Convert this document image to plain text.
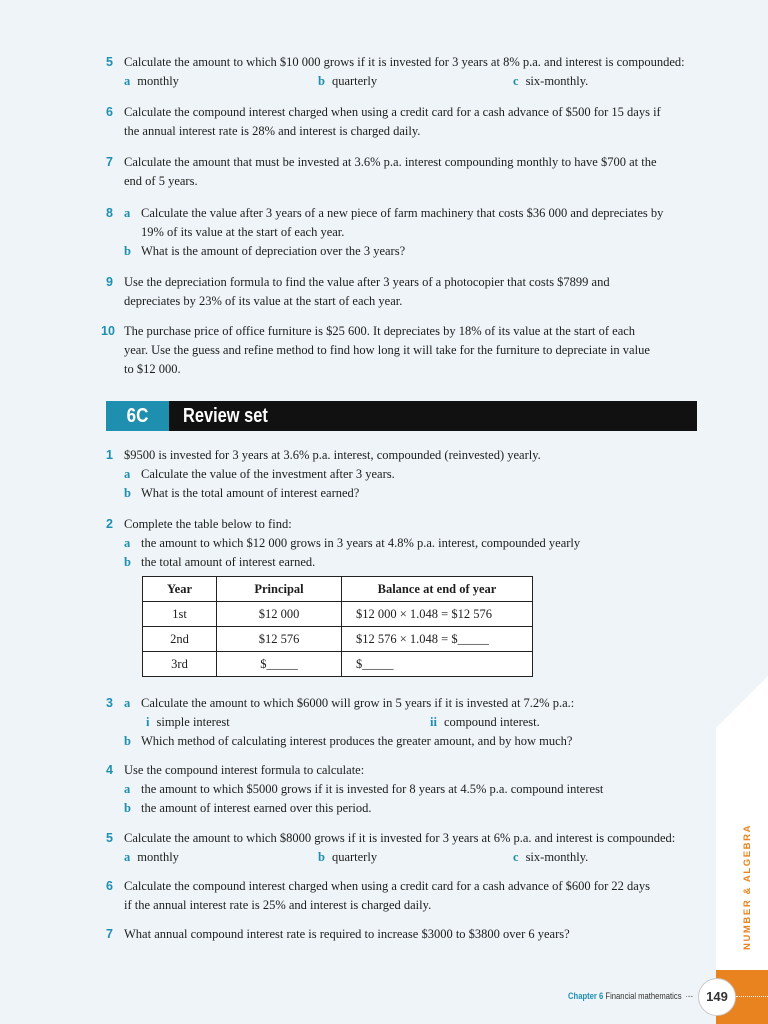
5 Calculate the amount to which $10 000 grows if it is invested for 3 years at 8% p.a. and interest is compounded:
a monthly	b quarterly	c six-monthly.
6 Calculate the compound interest charged when using a credit card for a cash advance of $500 for 15 days if
the annual interest rate is 28% and interest is charged daily.
7 Calculate the amount that must be invested at 3.6% p.a. interest compounding monthly to have $700 at the
end of 5 years.
8 a Calculate the value after 3 years of a new piece of farm machinery that costs $36 000 and depreciates by
19% of its value at the start of each year.
b What is the amount of depreciation over the 3 years?
9 Use the depreciation formula to find the value after 3 years of a photocopier that costs $7899 and
depreciates by 23% of its value at the start of each year.
10 The purchase price of office furniture is $25 600. It depreciates by 18% of its value at the start of each
year. Use the guess and refine method to find how long it will take for the furniture to depreciate in value
to $12 000.
6C	Review set
1 $9500 is invested for 3 years at 3.6% p.a. interest, compounded (reinvested) yearly.
a Calculate the value of the investment after 3 years.
b What is the total amount of interest earned?
2 Complete the table below to find:
a the amount to which $12 000 grows in 3 years at 4.8% p.a. interest, compounded yearly
b the total amount of interest earned.
Year	Principal	Balance at end of year
1st	$12 000	$12 000 × 1.048 = $12 576
2nd	$12 576	$12 576 × 1.048 = $_____
3rd	$_____	$_____
3 a Calculate the amount to which $6000 will grow in 5 years if it is invested at 7.2% p.a.:
i simple interest	ii compound interest.
b Which method of calculating interest produces the greater amount, and by how much?
4 Use the compound interest formula to calculate:
a the amount to which $5000 grows if it is invested for 8 years at 4.5% p.a. compound interest
b the amount of interest earned over this period.
5 Calculate the amount to which $8000 grows if it is invested for 3 years at 6% p.a. and interest is compounded:
a monthly	b quarterly	c six-monthly.
6 Calculate the compound interest charged when using a credit card for a cash advance of $600 for 22 days
if the annual interest rate is 25% and interest is charged daily.
7 What annual compound interest rate is required to increase $3000 to $3800 over 6 years?	NUMBER & ALGEBRA
Chapter 6 Financial mathematics ·--	149
